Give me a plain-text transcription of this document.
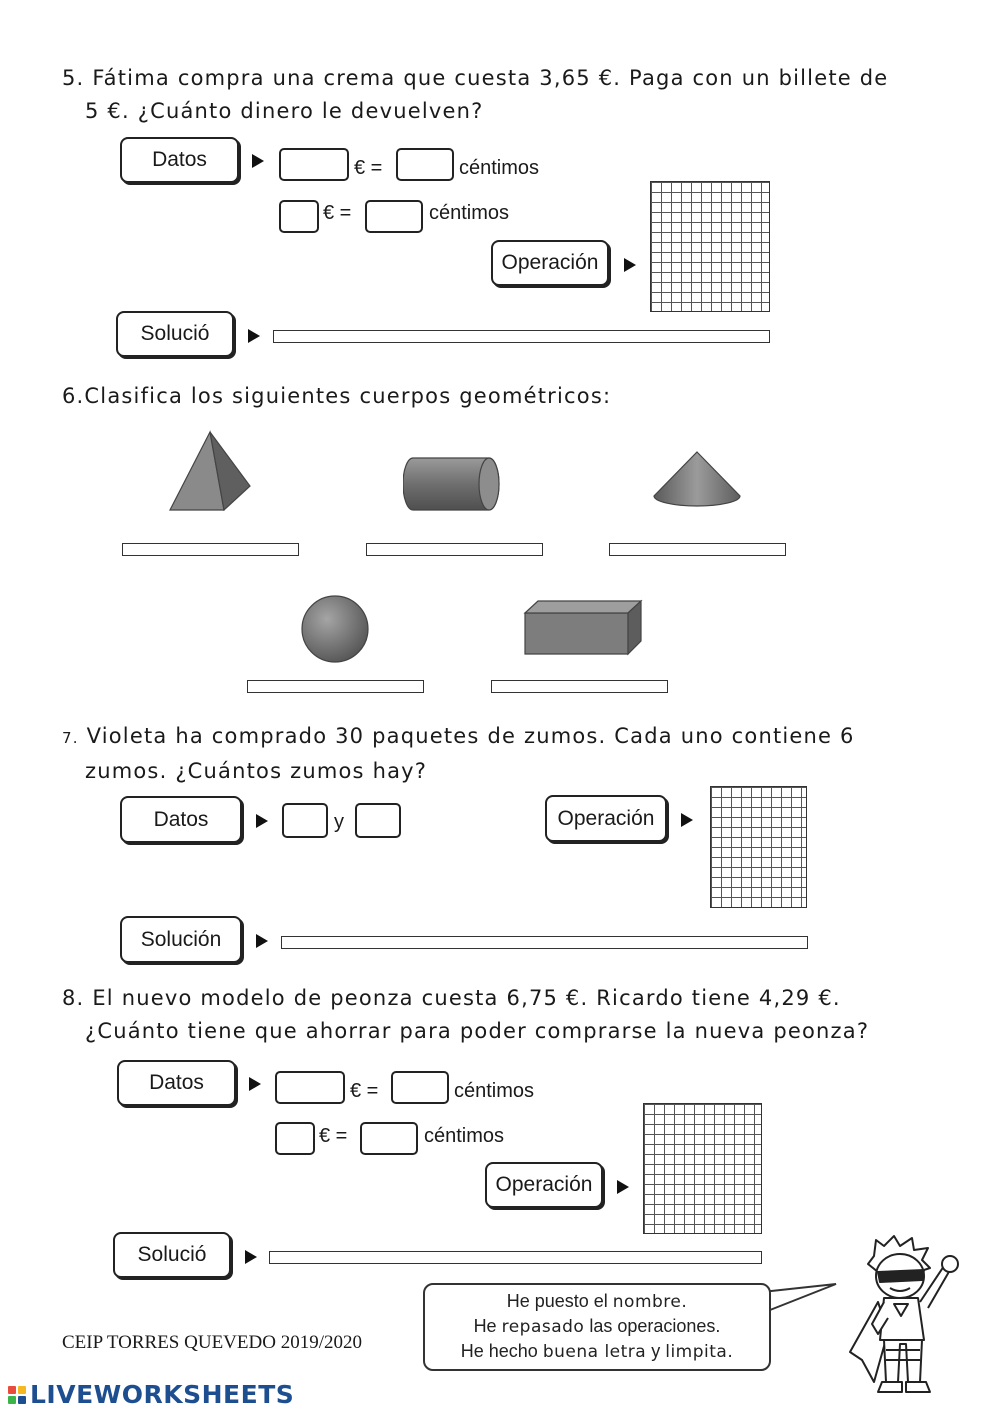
5. Fátima compra una crema que cuesta 3,65 €. Paga con un billete de
5 €. ¿Cuánto dinero le devuelven?
Datos	€ =	céntimos
€ =	céntimos
Operación
Solució
6.Clasifica los siguientes cuerpos geométricos:
7. Violeta ha comprado 30 paquetes de zumos. Cada uno contiene 6
zumos. ¿Cuántos zumos hay?
Datos	y	Operación
Solución
8. El nuevo modelo de peonza cuesta 6,75 €. Ricardo tiene 4,29 €.
¿Cuánto tiene que ahorrar para poder comprarse la nueva peonza?
Datos	€ =	céntimos
€ =	céntimos
Operación
Solució
CEIP TORRES QUEVEDO 2019/2020
He puesto el nombre.
He repasado las operaciones.
He hecho buena letra y limpita.
LIVEWORKSHEETS
